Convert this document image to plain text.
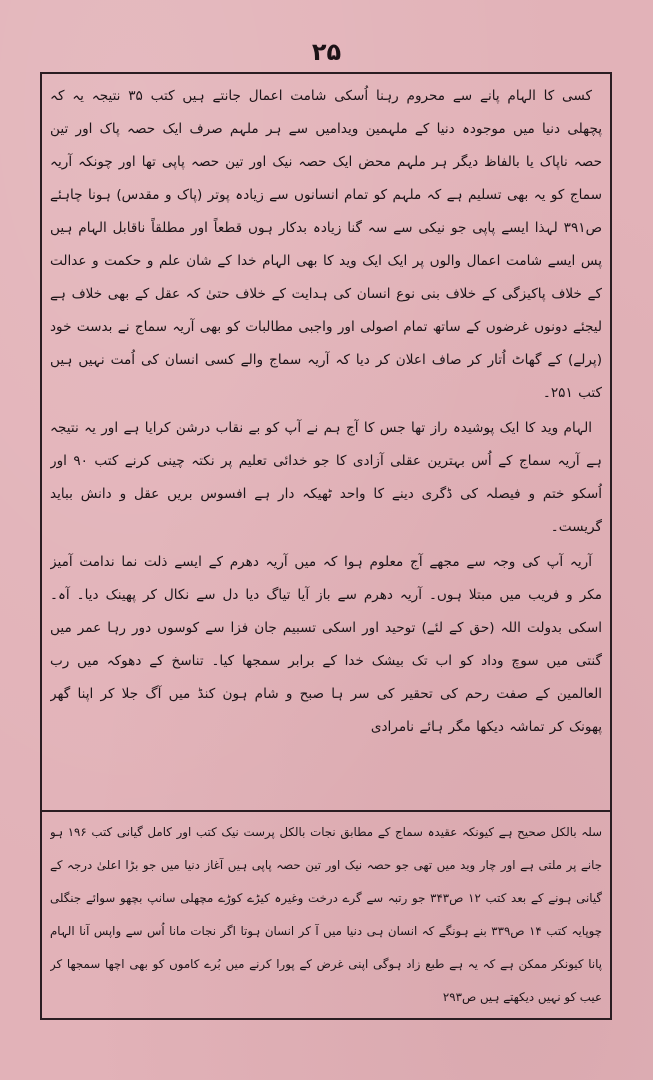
۲۵

کسی کا الہام پانے سے محروم رہنا اُسکی شامت اعمال جانتے ہیں کتب ۳۵ نتیجہ یہ کہ پچھلی دنیا میں موجودہ دنیا کے ملہمین ویدامیں سے ہر ملہم صرف ایک حصہ پاک اور تین حصہ ناپاک یا بالفاظ دیگر ہر ملہم محض ایک حصہ نیک اور تین حصہ پاپی تھا اور چونکہ آریہ سماج کو یہ بھی تسلیم ہے کہ ملہم کو تمام انسانوں سے زیادہ پوتر (پاک و مقدس) ہونا چاہئے ص۳۹۱ لہذا ایسے پاپی جو نیکی سے سہ گنا زیادہ بدکار ہوں قطعاً اور مطلقاً ناقابل الہام ہیں پس ایسے شامت اعمال والوں پر ایک ایک وید کا بھی الہام خدا کے شان علم و حکمت و عدالت کے خلاف پاکیزگی کے خلاف بنی نوع انسان کی ہدایت کے خلاف حتیٰ کہ عقل کے بھی خلاف ہے لیجئے دونوں غرضوں کے ساتھ تمام اصولی اور واجبی مطالبات کو بھی آریہ سماج نے بدست خود (پرلے) کے گھاٹ اُتار کر صاف اعلان کر دیا کہ آریہ سماج والے کسی انسان کی اُمت نہیں ہیں کتب ۲۵۱۔

الہام وید کا ایک پوشیدہ راز تھا جس کا آج ہم نے آپ کو بے نقاب درشن کرایا ہے اور یہ نتیجہ ہے آریہ سماج کے اُس بہترین عقلی آزادی کا جو خدائی تعلیم پر نکتہ چینی کرنے کتب ۹۰ اور اُسکو ختم و فیصلہ کی ڈگری دینے کا واحد ٹھیکہ دار ہے افسوس بریں عقل و دانش بباید گریست۔

آریہ آپ کی وجہ سے مجھے آج معلوم ہوا کہ میں آریہ دھرم کے ایسے ذلت نما ندامت آمیز مکر و فریب میں مبتلا ہوں۔ آریہ دھرم سے باز آیا تیاگ دیا دل سے نکال کر پھینک دیا۔ آہ۔ اسکی بدولت اللہ (حق کے لئے) توحید اور اسکی تسبیم جان فزا سے کوسوں دور رہا عمر میں گنتی میں سوچ وداد کو اب تک بیشک خدا کے برابر سمجھا کیا۔ تناسخ کے دھوکہ میں رب العالمین کے صفت رحم کی تحقیر کی سر ہا صبح و شام ہون کنڈ میں آگ جلا کر اپنا گھر پھونک کر تماشہ دیکھا مگر ہائے نامرادی

سلہ بالکل صحیح ہے کیونکہ عقیدہ سماج کے مطابق نجات بالکل پرست نیک کتب اور کامل گیانی کتب ۱۹۶ ہو جانے پر ملتی ہے اور چار وید میں تھی جو حصہ نیک اور تین حصہ پاپی ہیں آغاز دنیا میں جو بڑا اعلیٰ درجہ کے گیانی ہونے کے بعد کتب ۱۲ ص۳۴۳ جو رتبہ سے گرے درخت وغیرہ کیڑے کوڑے مچھلی سانپ بچھو سوائے جنگلی چوپایہ کتب ۱۴ ص۳۳۹ بنے ہونگے کہ انسان ہی دنیا میں آ کر انسان ہوتا اگر نجات مانا اُس سے واپس آنا الہام پانا کیونکر ممکن ہے کہ یہ ہے طبع زاد ہوگی اپنی غرض کے پورا کرنے میں بُرے کاموں کو بھی اچھا سمجھا کر عیب کو نہیں دیکھتے ہیں ص۲۹۳
